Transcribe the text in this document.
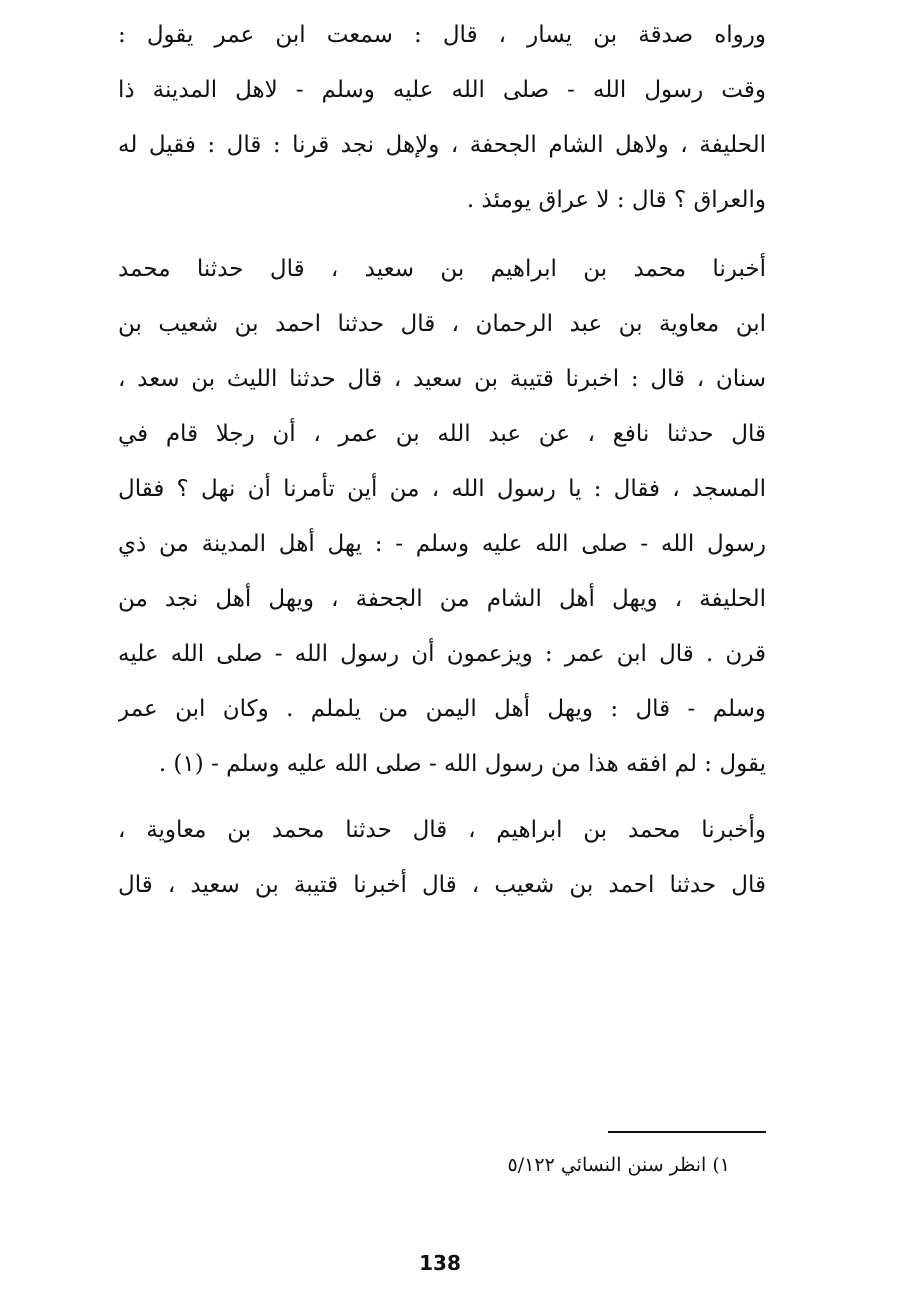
ورواه صدقة بن يسار ، قال : سمعت ابن عمر يقول :
وقت رسول الله - صلى الله عليه وسلم - لاهل المدينة ذا
الحليفة ، ولاهل الشام الجحفة ، ولإهل نجد قرنا : قال : فقيل له
والعراق ؟ قال : لا عراق يومئذ .
أخبرنا محمد بن ابراهيم بن سعيد ، قال حدثنا محمد
ابن معاوية بن عبد الرحمان ، قال حدثنا احمد بن شعيب بن
سنان ، قال : اخبرنا قتيبة بن سعيد ، قال حدثنا الليث بن سعد ،
قال حدثنا نافع ، عن عبد الله بن عمر ، أن رجلا قام في
المسجد ، فقال : يا رسول الله ، من أين تأمرنا أن نهل ؟ فقال
رسول الله - صلى الله عليه وسلم - : يهل أهل المدينة من ذي
الحليفة ، ويهل أهل الشام من الجحفة ، ويهل أهل نجد من
قرن . قال ابن عمر : ويزعمون أن رسول الله - صلى الله عليه
وسلم - قال : ويهل أهل اليمن من يلملم . وكان ابن عمر
يقول : لم افقه هذا من رسول الله - صلى الله عليه وسلم - (١) .
وأخبرنا محمد بن ابراهيم ، قال حدثنا محمد بن معاوية ،
قال حدثنا احمد بن شعيب ، قال أخبرنا قتيبة بن سعيد ، قال
١) انظر سنن النسائي ٥/١٢٢
138
